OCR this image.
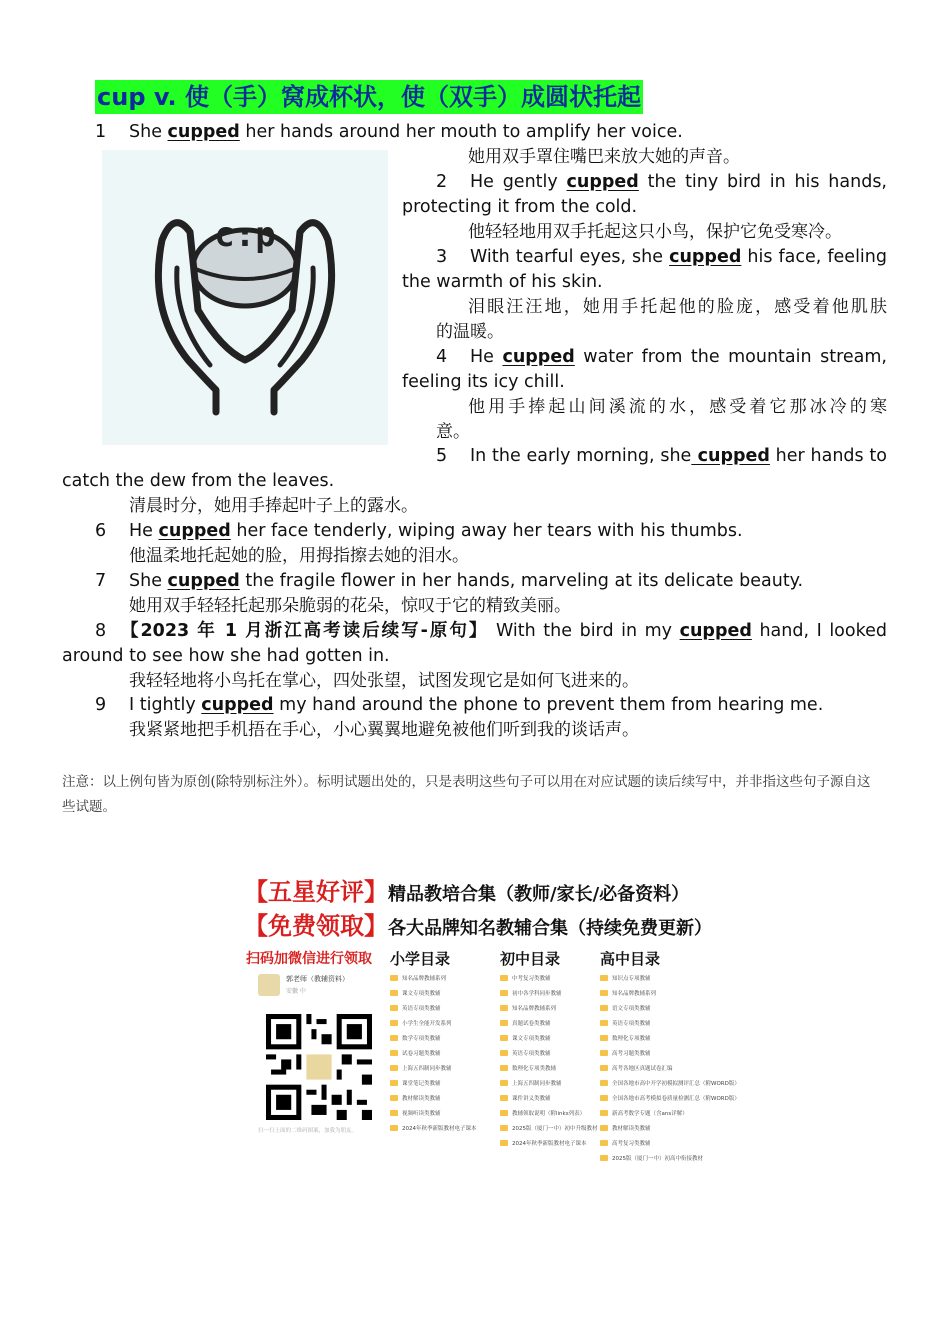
cup v. 使（手）窝成杯状，使（双手）成圆状托起
c:p
1 She cupped her hands around her mouth to amplify her voice.
她用双手罩住嘴巴来放大她的声音。
2 He gently cupped the tiny bird in his hands,
protecting it from the cold.
他轻轻地用双手托起这只小鸟，保护它免受寒冷。
3 With tearful eyes, she cupped his face, feeling
the warmth of his skin.
泪眼汪汪地，她用手托起他的脸庞，感受着他肌肤
的温暖。
4 He cupped water from the mountain stream,
feeling its icy chill.
他用手捧起山间溪流的水，感受着它那冰冷的寒
意。
5 In the early morning, she cupped her hands to
catch the dew from the leaves.
清晨时分，她用手捧起叶子上的露水。
6 He cupped her face tenderly, wiping away her tears with his thumbs.
他温柔地托起她的脸，用拇指擦去她的泪水。
7 She cupped the fragile flower in her hands, marveling at its delicate beauty.
她用双手轻轻托起那朵脆弱的花朵，惊叹于它的精致美丽。
8 【2023 年 1 月浙江高考读后续写-原句】 With the bird in my cupped hand, I looked
around to see how she had gotten in.
我轻轻地将小鸟托在掌心，四处张望，试图发现它是如何飞进来的。
9 I tightly cupped my hand around the phone to prevent them from hearing me.
我紧紧地把手机捂在手心，小心翼翼地避免被他们听到我的谈话声。
注意：以上例句皆为原创(除特别标注外）。标明试题出处的，只是表明这些句子可以用在对应试题的读后续写中，并非指这些句子源自这些试题。
【五星好评】精品教培合集（教师/家长/必备资料）
【免费领取】各大品牌知名教辅合集（持续免费更新）
扫码加微信进行领取 小学目录	初中目录	高中目录
郭老师（教辅资料）
安徽 中
扫一扫上面的二维码图案，加我为朋友。
知名品牌教辅系列
课文专项类教辅
英语专项类教辅
小学生全能开发系列
数学专项类教辅
试卷习题类教辅
上海五四制同步教辅
课堂笔记类教辅
教材解读类教辅
视频听读类教辅
2024年秋季新版教材电子课本
中考复习类教辅
初中各学科同步教辅
知名品牌教辅系列
真题试卷类教辅
课文专项类教辅
英语专项类教辅
数理化专项类教辅
上海五四制同步教辅
课件讲义类教辅
教辅领取说明（附links列表）
2025版（厦门一中）初中升级教材
2024年秋季新版教材电子课本
知识点专项教辅
知名品牌教辅系列
语文专项类教辅
英语专项类教辅
数理化专项教辅
高考习题类教辅
高考各地区真题试卷汇编
全国各地市高中开学初模拟测评汇总（附WORD版）
全国各地市高考模拟卷质量检测汇总（附WORD版）
新高考数学专题（含ans详解）
教材解读类教辅
高考复习类教辅
2025版（厦门一中）初高中衔接教材
